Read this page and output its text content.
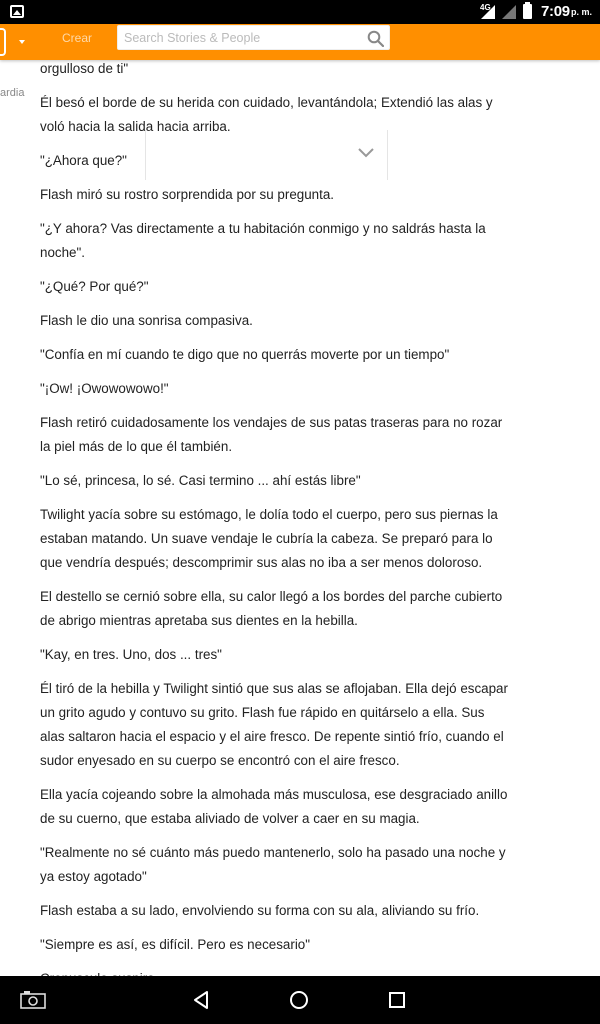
4G	7:09 p. m.
Crear
Search Stories & People
ardia

orgulloso de ti"

Él besó el borde de su herida con cuidado, levantándola; Extendió las alas y voló hacia la salida hacia arriba.

"¿Ahora que?"

Flash miró su rostro sorprendida por su pregunta.

"¿Y ahora? Vas directamente a tu habitación conmigo y no saldrás hasta la noche".

"¿Qué? Por qué?"

Flash le dio una sonrisa compasiva.

"Confía en mí cuando te digo que no querrás moverte por un tiempo"

"¡Ow! ¡Owowowowo!"

Flash retiró cuidadosamente los vendajes de sus patas traseras para no rozar la piel más de lo que él también.

"Lo sé, princesa, lo sé. Casi termino ... ahí estás libre"

Twilight yacía sobre su estómago, le dolía todo el cuerpo, pero sus piernas la estaban matando. Un suave vendaje le cubría la cabeza. Se preparó para lo que vendría después; descomprimir sus alas no iba a ser menos doloroso.

El destello se cernió sobre ella, su calor llegó a los bordes del parche cubierto de abrigo mientras apretaba sus dientes en la hebilla.

"Kay, en tres. Uno, dos ... tres"

Él tiró de la hebilla y Twilight sintió que sus alas se aflojaban. Ella dejó escapar un grito agudo y contuvo su grito. Flash fue rápido en quitárselo a ella. Sus alas saltaron hacia el espacio y el aire fresco. De repente sintió frío, cuando el sudor enyesado en su cuerpo se encontró con el aire fresco.

Ella yacía cojeando sobre la almohada más musculosa, ese desgraciado anillo de su cuerno, que estaba aliviado de volver a caer en su magia.

"Realmente no sé cuánto más puedo mantenerlo, solo ha pasado una noche y ya estoy agotado"

Flash estaba a su lado, envolviendo su forma con su ala, aliviando su frío.

"Siempre es así, es difícil. Pero es necesario"
